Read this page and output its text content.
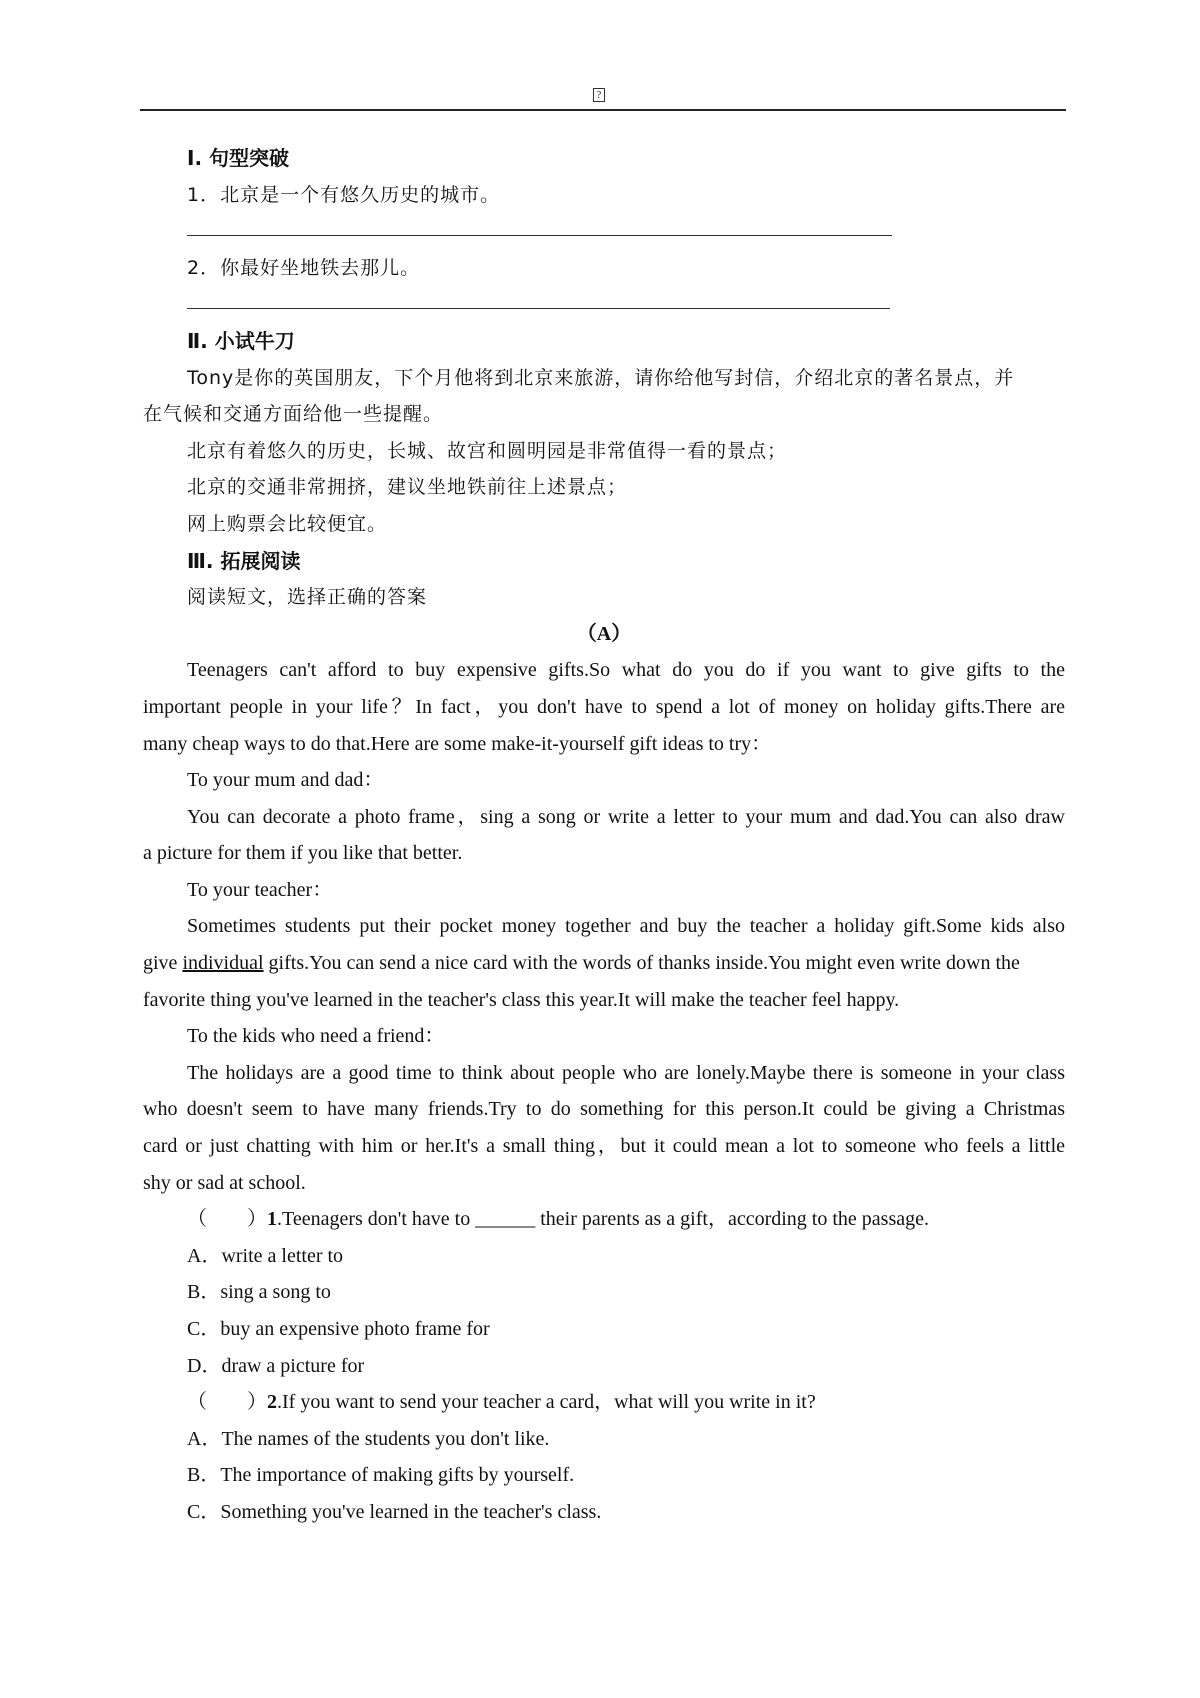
?
Ⅰ. 句型突破
1．北京是一个有悠久历史的城市。
2．你最好坐地铁去那儿。
Ⅱ. 小试牛刀
Tony是你的英国朋友，下个月他将到北京来旅游，请你给他写封信，介绍北京的著名景点，并
在气候和交通方面给他一些提醒。
北京有着悠久的历史，长城、故宫和圆明园是非常值得一看的景点；
北京的交通非常拥挤，建议坐地铁前往上述景点；
网上购票会比较便宜。
Ⅲ. 拓展阅读
阅读短文，选择正确的答案
（A）
Teenagers can't afford to buy expensive gifts.So what do you do if you want to give gifts to the
important people in your life？In fact，you don't have to spend a lot of money on holiday gifts.There are
many cheap ways to do that.Here are some make-it-yourself gift ideas to try：
To your mum and dad：
You can decorate a photo frame，sing a song or write a letter to your mum and dad.You can also draw
a picture for them if you like that better.
To your teacher：
Sometimes students put their pocket money together and buy the teacher a holiday gift.Some kids also
give individual gifts.You can send a nice card with the words of thanks inside.You might even write down the
favorite thing you've learned in the teacher's class this year.It will make the teacher feel happy.
To the kids who need a friend：
The holidays are a good time to think about people who are lonely.Maybe there is someone in your class
who doesn't seem to have many friends.Try to do something for this person.It could be giving a Christmas
card or just chatting with him or her.It's a small thing，but it could mean a lot to someone who feels a little
shy or sad at school.
（　　）1.Teenagers don't have to ______ their parents as a gift，according to the passage.
A．write a letter to
B．sing a song to
C．buy an expensive photo frame for
D．draw a picture for
（　　）2.If you want to send your teacher a card，what will you write in it?
A．The names of the students you don't like.
B．The importance of making gifts by yourself.
C．Something you've learned in the teacher's class.
